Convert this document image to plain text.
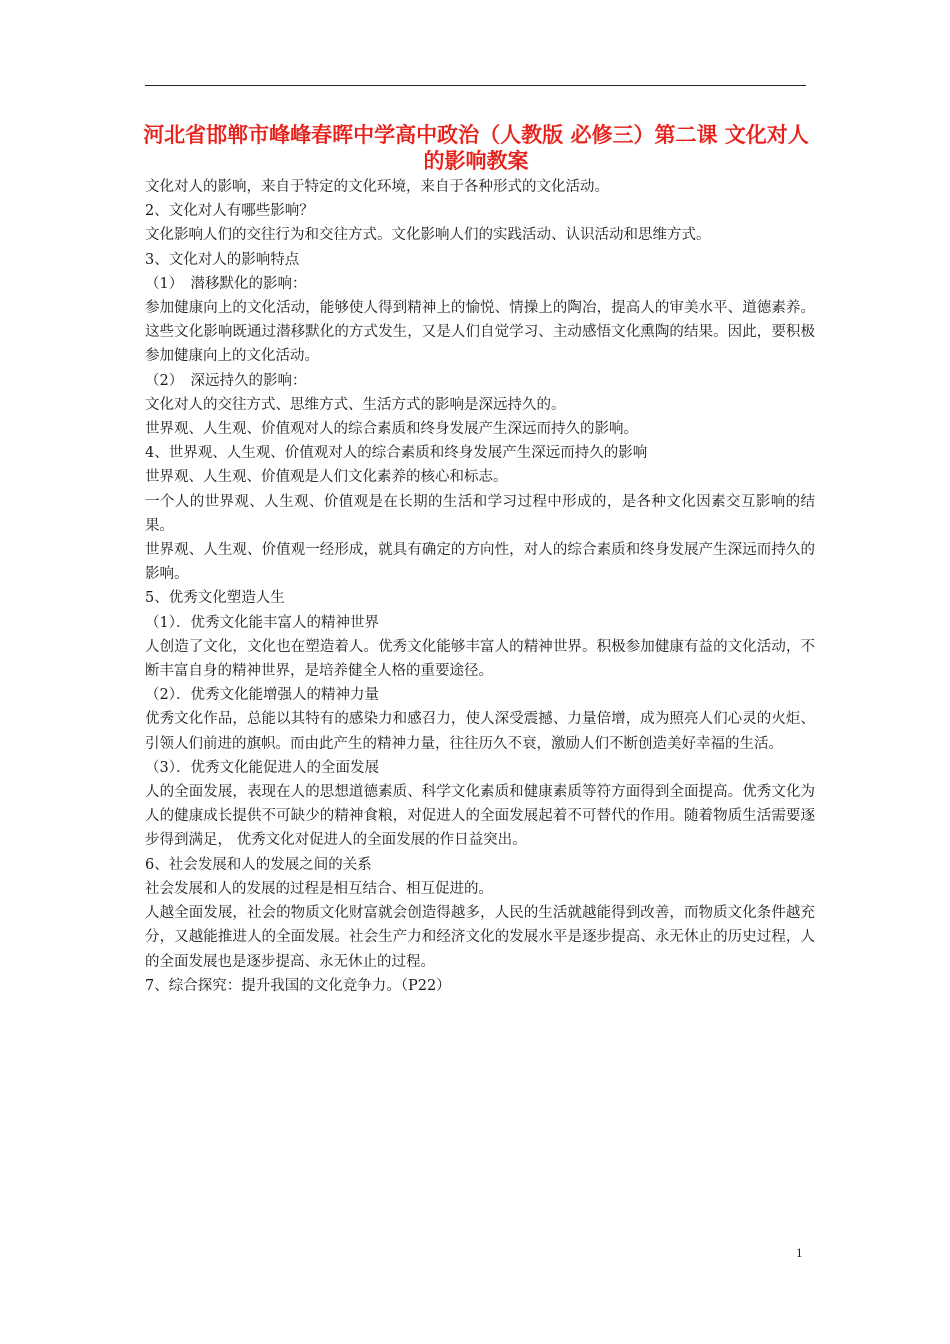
河北省邯郸市峰峰春晖中学高中政治（人教版 必修三）第二课 文化对人的影响教案

文化对人的影响，来自于特定的文化环境，来自于各种形式的文化活动。

2、文化对人有哪些影响？

文化影响人们的交往行为和交往方式。文化影响人们的实践活动、认识活动和思维方式。

3、文化对人的影响特点

（1）　潜移默化的影响：

参加健康向上的文化活动，能够使人得到精神上的愉悦、情操上的陶冶，提高人的审美水平、道德素养。这些文化影响既通过潜移默化的方式发生，又是人们自觉学习、主动感悟文化熏陶的结果。因此，要积极参加健康向上的文化活动。

（2）　深远持久的影响：

文化对人的交往方式、思维方式、生活方式的影响是深远持久的。

世界观、人生观、价值观对人的综合素质和终身发展产生深远而持久的影响。

4、世界观、人生观、价值观对人的综合素质和终身发展产生深远而持久的影响

世界观、人生观、价值观是人们文化素养的核心和标志。

一个人的世界观、人生观、价值观是在长期的生活和学习过程中形成的，是各种文化因素交互影响的结果。

世界观、人生观、价值观一经形成，就具有确定的方向性，对人的综合素质和终身发展产生深远而持久的影响。

5、优秀文化塑造人生

（1）．优秀文化能丰富人的精神世界

人创造了文化，文化也在塑造着人。优秀文化能够丰富人的精神世界。积极参加健康有益的文化活动，不断丰富自身的精神世界，是培养健全人格的重要途径。

（2）．优秀文化能增强人的精神力量

优秀文化作品，总能以其特有的感染力和感召力，使人深受震撼、力量倍增，成为照亮人们心灵的火炬、引领人们前进的旗帜。而由此产生的精神力量，往往历久不衰，激励人们不断创造美好幸福的生活。

（3）．优秀文化能促进人的全面发展

人的全面发展，表现在人的思想道德素质、科学文化素质和健康素质等符方面得到全面提高。优秀文化为人的健康成长提供不可缺少的精神食粮，对促进人的全面发展起着不可替代的作用。随着物质生活需要逐步得到满足， 优秀文化对促进人的全面发展的作日益突出。

6、社会发展和人的发展之间的关系

社会发展和人的发展的过程是相互结合、相互促进的。

人越全面发展，社会的物质文化财富就会创造得越多，人民的生活就越能得到改善，而物质文化条件越充分，又越能推进人的全面发展。社会生产力和经济文化的发展水平是逐步提高、永无休止的历史过程，人的全面发展也是逐步提高、永无休止的过程。

7、综合探究：提升我国的文化竞争力。（P22）

1
